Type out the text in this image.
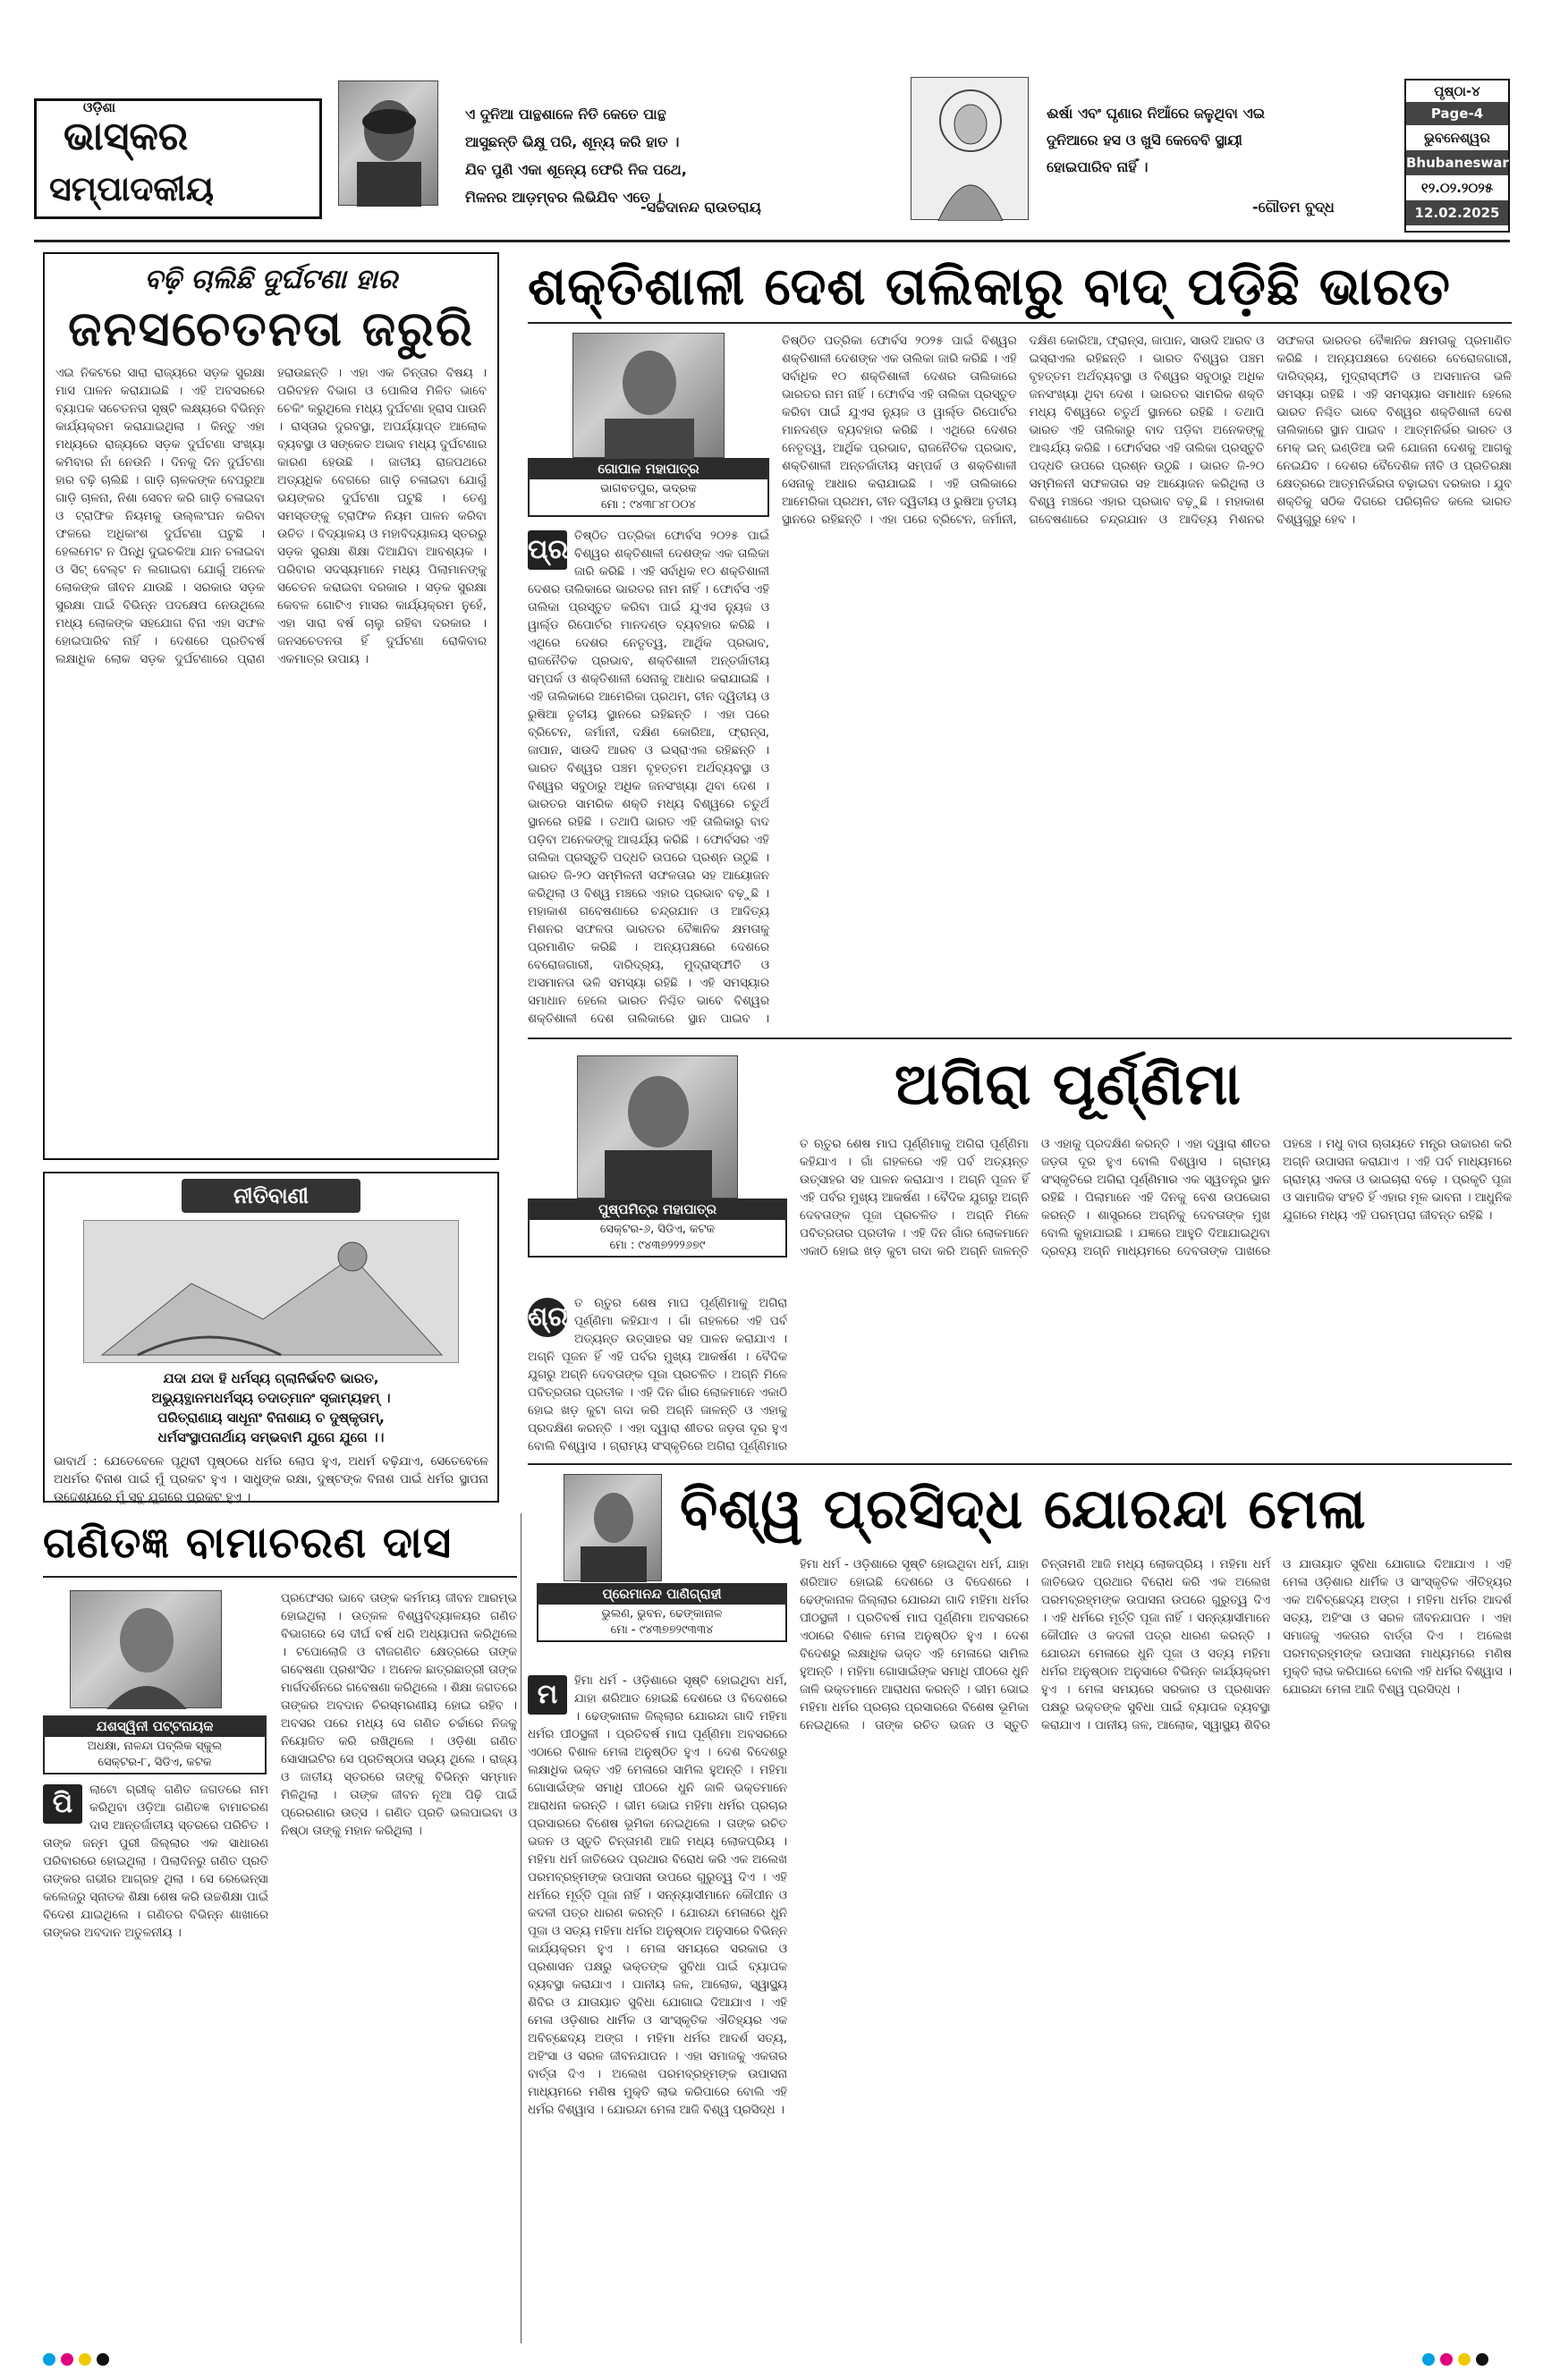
ଓଡ଼ିଶା
ଭାସ୍କର
ସମ୍ପାଦକୀୟ
ଏ ଦୁନିଆ ପାନ୍ଥଶାଳେ ନିତି କେତେ ପାନ୍ଥ
ଆସୁଛନ୍ତି ଭିକ୍ଷୁ ପରି, ଶୂନ୍ୟ କରି ହାତ ।
ଯିବ ପୁଣି ଏକା ଶୂନ୍ୟେ ଫେରି ନିଜ ପଥେ,
ମିଳନର ଆଡ଼ମ୍ବର ଲିଭିଯିବ ଏତେ ।
-ସଚ୍ଚିଦାନନ୍ଦ ରାଉତରାୟ
ଈର୍ଷା ଏବଂ ଘୃଣାର ନିଆଁରେ ଜଳୁଥିବା ଏଇ
ଦୁନିଆରେ ହସ ଓ ଖୁସି କେବେବି ସ୍ଥାୟୀ
ହୋଇପାରିବ ନାହିଁ ।
-ଗୌତମ ବୁଦ୍ଧ
ପୃଷ୍ଠା-୪
Page-4
ଭୁବନେଶ୍ୱର
Bhubaneswar
୧୨.୦୨.୨୦୨୫
12.02.2025
ବଢ଼ି ଚାଲିଛି ଦୁର୍ଘଟଣା ହାର
ଜନସଚେତନତା ଜରୁରି
ଏଇ ନିକଟରେ ସାରା ରାଜ୍ୟରେ ସଡ଼କ ସୁରକ୍ଷା ମାସ ପାଳନ କରାଯାଇଛି । ଏହି ଅବସରରେ ବ୍ୟାପକ ସଚେତନତା ସୃଷ୍ଟି ଲକ୍ଷ୍ୟରେ ବିଭିନ୍ନ କାର୍ଯ୍ୟକ୍ରମ କରାଯାଇଥିଲା । କିନ୍ତୁ ଏହା ମଧ୍ୟରେ ରାଜ୍ୟରେ ସଡ଼କ ଦୁର୍ଘଟଣା ସଂଖ୍ୟା କମିବାର ନାଁ ନେଉନି । ଦିନକୁ ଦିନ ଦୁର୍ଘଟଣା ହାର ବଢ଼ି ଚାଲିଛି । ଗାଡ଼ି ଚାଳକଙ୍କ ବେପରୁଆ ଗାଡ଼ି ଚାଳନା, ନିଶା ସେବନ କରି ଗାଡ଼ି ଚଳାଇବା ଓ ଟ୍ରାଫିକ ନିୟମକୁ ଉଲ୍ଲଂଘନ କରିବା ଫଳରେ ଅଧିକାଂଶ ଦୁର୍ଘଟଣା ଘଟୁଛି । ହେଲମେଟ ନ ପିନ୍ଧି ଦୁଇଚକିଆ ଯାନ ଚଳାଇବା ଓ ସିଟ୍ ବେଲ୍ଟ ନ ଲଗାଇବା ଯୋଗୁଁ ଅନେକ ଲୋକଙ୍କ ଜୀବନ ଯାଉଛି । ସରକାର ସଡ଼କ ସୁରକ୍ଷା ପାଇଁ ବିଭିନ୍ନ ପଦକ୍ଷେପ ନେଉଥିଲେ ମଧ୍ୟ ଲୋକଙ୍କ ସହଯୋଗ ବିନା ଏହା ସଫଳ ହୋଇପାରିବ ନାହିଁ । ଦେଶରେ ପ୍ରତିବର୍ଷ ଲକ୍ଷାଧିକ ଲୋକ ସଡ଼କ ଦୁର୍ଘଟଣାରେ ପ୍ରାଣ ହରାଉଛନ୍ତି । ଏହା ଏକ ଚିନ୍ତାର ବିଷୟ । ପରିବହନ ବିଭାଗ ଓ ପୋଲିସ ମିଳିତ ଭାବେ ଚେକିଂ କରୁଥିଲେ ମଧ୍ୟ ଦୁର୍ଘଟଣା ହ୍ରାସ ପାଉନି । ରାସ୍ତାର ଦୁରବସ୍ଥା, ଅପର୍ଯ୍ୟାପ୍ତ ଆଲୋକ ବ୍ୟବସ୍ଥା ଓ ସଙ୍କେତ ଅଭାବ ମଧ୍ୟ ଦୁର୍ଘଟଣାର କାରଣ ହେଉଛି । ଜାତୀୟ ରାଜପଥରେ ଅତ୍ୟଧିକ ବେଗରେ ଗାଡ଼ି ଚଳାଇବା ଯୋଗୁଁ ଭୟଙ୍କର ଦୁର୍ଘଟଣା ଘଟୁଛି । ତେଣୁ ସମସ୍ତଙ୍କୁ ଟ୍ରାଫିକ ନିୟମ ପାଳନ କରିବା ଉଚିତ । ବିଦ୍ୟାଳୟ ଓ ମହାବିଦ୍ୟାଳୟ ସ୍ତରରୁ ସଡ଼କ ସୁରକ୍ଷା ଶିକ୍ଷା ଦିଆଯିବା ଆବଶ୍ୟକ । ପରିବାର ସଦସ୍ୟମାନେ ମଧ୍ୟ ପିଲାମାନଙ୍କୁ ସଚେତନ କରାଇବା ଦରକାର । ସଡ଼କ ସୁରକ୍ଷା କେବଳ ଗୋଟିଏ ମାସର କାର୍ଯ୍ୟକ୍ରମ ନୁହେଁ, ଏହା ସାରା ବର୍ଷ ଚାଲୁ ରହିବା ଦରକାର । ଜନସଚେତନତା ହିଁ ଦୁର୍ଘଟଣା ରୋକିବାର ଏକମାତ୍ର ଉପାୟ ।
ନୀତିବାଣୀ
ଯଦା ଯଦା ହି ଧର୍ମସ୍ୟ ଗ୍ଲାନିର୍ଭବତି ଭାରତ,
ଅଭ୍ୟୁତ୍ଥାନମଧର୍ମସ୍ୟ ତଦାତ୍ମାନଂ ସୃଜାମ୍ୟହମ୍ ।
ପରିତ୍ରାଣାୟ ସାଧୂନାଂ ବିନାଶାୟ ଚ ଦୁଷ୍କୃତାମ୍,
ଧର୍ମସଂସ୍ଥାପନାର୍ଥାୟ ସମ୍ଭବାମି ଯୁଗେ ଯୁଗେ ।।
ଭାବାର୍ଥ : ଯେତେବେଳେ ପୃଥିବୀ ପୃଷ୍ଠରେ ଧର୍ମର ଲୋପ ହୁଏ, ଅଧର୍ମ ବଢ଼ିଯାଏ, ସେତେବେଳେ ଅଧର୍ମର ବିନାଶ ପାଇଁ ମୁଁ ପ୍ରକଟ ହୁଏ । ସାଧୁଙ୍କ ରକ୍ଷା, ଦୁଷ୍ଟଙ୍କ ବିନାଶ ପାଇଁ ଧର୍ମର ସ୍ଥାପନା ଉଦ୍ଦେଶ୍ୟରେ ମୁଁ ସବୁ ଯୁଗରେ ପ୍ରକଟ ହୁଏ ।
ଶକ୍ତିଶାଳୀ ଦେଶ ତାଲିକାରୁ ବାଦ୍ ପଡ଼ିଛି ଭାରତ
ଗୋପାଳ ମହାପାତ୍ର
ଭାଗବତପୁର, ଭଦ୍ରକ
ମୋ : ୯୪୩୮୪୮୦୦୪
ପ୍ର ତିଷ୍ଠିତ ପତ୍ରିକା ଫୋର୍ବସ ୨୦୨୫ ପାଇଁ ବିଶ୍ୱର ଶକ୍ତିଶାଳୀ ଦେଶଙ୍କ ଏକ ତାଲିକା ଜାରି କରିଛି । ଏହି ସର୍ବାଧିକ ୧୦ ଶକ୍ତିଶାଳୀ ଦେଶର ତାଲିକାରେ ଭାରତର ନାମ ନାହିଁ । ଫୋର୍ବସ ଏହି ତାଲିକା ପ୍ରସ୍ତୁତ କରିବା ପାଇଁ ଯୁଏସ ନ୍ୟୁଜ ଓ ୱାର୍ଲ୍ଡ ରିପୋର୍ଟର ମାନଦଣ୍ଡ ବ୍ୟବହାର କରିଛି । ଏଥିରେ ଦେଶର ନେତୃତ୍ୱ, ଆର୍ଥିକ ପ୍ରଭାବ, ରାଜନୈତିକ ପ୍ରଭାବ, ଶକ୍ତିଶାଳୀ ଅନ୍ତର୍ଜାତୀୟ ସମ୍ପର୍କ ଓ ଶକ୍ତିଶାଳୀ ସେନାକୁ ଆଧାର କରାଯାଇଛି । ଏହି ତାଲିକାରେ ଆମେରିକା ପ୍ରଥମ, ଚୀନ ଦ୍ୱିତୀୟ ଓ ରୁଷିଆ ତୃତୀୟ ସ୍ଥାନରେ ରହିଛନ୍ତି । ଏହା ପରେ ବ୍ରିଟେନ, ଜର୍ମାନୀ, ଦକ୍ଷିଣ କୋରିଆ, ଫ୍ରାନ୍ସ, ଜାପାନ, ସାଉଦି ଆରବ ଓ ଇସ୍ରାଏଲ ରହିଛନ୍ତି । ଭାରତ ବିଶ୍ୱର ପଞ୍ଚମ ବୃହତ୍ତମ ଅର୍ଥବ୍ୟବସ୍ଥା ଓ ବିଶ୍ୱର ସବୁଠାରୁ ଅଧିକ ଜନସଂଖ୍ୟା ଥିବା ଦେଶ । ଭାରତର ସାମରିକ ଶକ୍ତି ମଧ୍ୟ ବିଶ୍ୱରେ ଚତୁର୍ଥ ସ୍ଥାନରେ ରହିଛି । ତଥାପି ଭାରତ ଏହି ତାଲିକାରୁ ବାଦ ପଡ଼ିବା ଅନେକଙ୍କୁ ଆଶ୍ଚର୍ଯ୍ୟ କରିଛି । ଫୋର୍ବସର ଏହି ତାଲିକା ପ୍ରସ୍ତୁତି ପଦ୍ଧତି ଉପରେ ପ୍ରଶ୍ନ ଉଠୁଛି । ଭାରତ ଜି-୨୦ ସମ୍ମିଳନୀ ସଫଳତାର ସହ ଆୟୋଜନ କରିଥିଲା ଓ ବିଶ୍ୱ ମଞ୍ଚରେ ଏହାର ପ୍ରଭାବ ବଢ଼ୁଛି । ମହାକାଶ ଗବେଷଣାରେ ଚନ୍ଦ୍ରଯାନ ଓ ଆଦିତ୍ୟ ମିଶନର ସଫଳତା ଭାରତର ବୈଜ୍ଞାନିକ କ୍ଷମତାକୁ ପ୍ରମାଣିତ କରିଛି । ଅନ୍ୟପକ୍ଷରେ ଦେଶରେ ବେରୋଜଗାରୀ, ଦାରିଦ୍ର୍ୟ, ମୁଦ୍ରାସ୍ଫୀତି ଓ ଅସମାନତା ଭଳି ସମସ୍ୟା ରହିଛି । ଏହି ସମସ୍ୟାର ସମାଧାନ ହେଲେ ଭାରତ ନିଶ୍ଚିତ ଭାବେ ବିଶ୍ୱର ଶକ୍ତିଶାଳୀ ଦେଶ ତାଲିକାରେ ସ୍ଥାନ ପାଇବ ।
ତିଷ୍ଠିତ ପତ୍ରିକା ଫୋର୍ବସ ୨୦୨୫ ପାଇଁ ବିଶ୍ୱର ଶକ୍ତିଶାଳୀ ଦେଶଙ୍କ ଏକ ତାଲିକା ଜାରି କରିଛି । ଏହି ସର୍ବାଧିକ ୧୦ ଶକ୍ତିଶାଳୀ ଦେଶର ତାଲିକାରେ ଭାରତର ନାମ ନାହିଁ । ଫୋର୍ବସ ଏହି ତାଲିକା ପ୍ରସ୍ତୁତ କରିବା ପାଇଁ ଯୁଏସ ନ୍ୟୁଜ ଓ ୱାର୍ଲ୍ଡ ରିପୋର୍ଟର ମାନଦଣ୍ଡ ବ୍ୟବହାର କରିଛି । ଏଥିରେ ଦେଶର ନେତୃତ୍ୱ, ଆର୍ଥିକ ପ୍ରଭାବ, ରାଜନୈତିକ ପ୍ରଭାବ, ଶକ୍ତିଶାଳୀ ଅନ୍ତର୍ଜାତୀୟ ସମ୍ପର୍କ ଓ ଶକ୍ତିଶାଳୀ ସେନାକୁ ଆଧାର କରାଯାଇଛି । ଏହି ତାଲିକାରେ ଆମେରିକା ପ୍ରଥମ, ଚୀନ ଦ୍ୱିତୀୟ ଓ ରୁଷିଆ ତୃତୀୟ ସ୍ଥାନରେ ରହିଛନ୍ତି । ଏହା ପରେ ବ୍ରିଟେନ, ଜର୍ମାନୀ, ଦକ୍ଷିଣ କୋରିଆ, ଫ୍ରାନ୍ସ, ଜାପାନ, ସାଉଦି ଆରବ ଓ ଇସ୍ରାଏଲ ରହିଛନ୍ତି । ଭାରତ ବିଶ୍ୱର ପଞ୍ଚମ ବୃହତ୍ତମ ଅର୍ଥବ୍ୟବସ୍ଥା ଓ ବିଶ୍ୱର ସବୁଠାରୁ ଅଧିକ ଜନସଂଖ୍ୟା ଥିବା ଦେଶ । ଭାରତର ସାମରିକ ଶକ୍ତି ମଧ୍ୟ ବିଶ୍ୱରେ ଚତୁର୍ଥ ସ୍ଥାନରେ ରହିଛି । ତଥାପି ଭାରତ ଏହି ତାଲିକାରୁ ବାଦ ପଡ଼ିବା ଅନେକଙ୍କୁ ଆଶ୍ଚର୍ଯ୍ୟ କରିଛି । ଫୋର୍ବସର ଏହି ତାଲିକା ପ୍ରସ୍ତୁତି ପଦ୍ଧତି ଉପରେ ପ୍ରଶ୍ନ ଉଠୁଛି । ଭାରତ ଜି-୨୦ ସମ୍ମିଳନୀ ସଫଳତାର ସହ ଆୟୋଜନ କରିଥିଲା ଓ ବିଶ୍ୱ ମଞ୍ଚରେ ଏହାର ପ୍ରଭାବ ବଢ଼ୁଛି । ମହାକାଶ ଗବେଷଣାରେ ଚନ୍ଦ୍ରଯାନ ଓ ଆଦିତ୍ୟ ମିଶନର ସଫଳତା ଭାରତର ବୈଜ୍ଞାନିକ କ୍ଷମତାକୁ ପ୍ରମାଣିତ କରିଛି । ଅନ୍ୟପକ୍ଷରେ ଦେଶରେ ବେରୋଜଗାରୀ, ଦାରିଦ୍ର୍ୟ, ମୁଦ୍ରାସ୍ଫୀତି ଓ ଅସମାନତା ଭଳି ସମସ୍ୟା ରହିଛି । ଏହି ସମସ୍ୟାର ସମାଧାନ ହେଲେ ଭାରତ ନିଶ୍ଚିତ ଭାବେ ବିଶ୍ୱର ଶକ୍ତିଶାଳୀ ଦେଶ ତାଲିକାରେ ସ୍ଥାନ ପାଇବ । ଆତ୍ମନିର୍ଭର ଭାରତ ଓ ମେକ୍ ଇନ୍ ଇଣ୍ଡିଆ ଭଳି ଯୋଜନା ଦେଶକୁ ଆଗକୁ ନେଇଯିବ । ଦେଶର ବୈଦେଶିକ ନୀତି ଓ ପ୍ରତିରକ୍ଷା କ୍ଷେତ୍ରରେ ଆତ୍ମନିର୍ଭରତା ବଢ଼ାଇବା ଦରକାର । ଯୁବ ଶକ୍ତିକୁ ସଠିକ ଦିଗରେ ପରିଚାଳିତ କଲେ ଭାରତ ବିଶ୍ୱଗୁରୁ ହେବ ।
ଅଗିରା ପୂର୍ଣ୍ଣିମା
ପୁଷ୍ପମିତ୍ର ମହାପାତ୍ର
ସେକ୍ଟର-୬, ସିଡିଏ, କଟକ
ମୋ : ୯୪୩୭୨୨୨୬୭୯
ଶ୍ରୀ ତ ଋତୁର ଶେଷ ମାଘ ପୂର୍ଣ୍ଣିମାକୁ ଅଗିରା ପୂର୍ଣ୍ଣିମା କହିଯାଏ । ଗାଁ ଗହଳରେ ଏହି ପର୍ବ ଅତ୍ୟନ୍ତ ଉତ୍ସାହର ସହ ପାଳନ କରାଯାଏ । ଅଗ୍ନି ପୂଜନ ହିଁ ଏହି ପର୍ବର ମୁଖ୍ୟ ଆକର୍ଷଣ । ବୈଦିକ ଯୁଗରୁ ଅଗ୍ନି ଦେବତାଙ୍କ ପୂଜା ପ୍ରଚଳିତ । ଅଗ୍ନି ମିଳେ ପବିତ୍ରତାର ପ୍ରତୀକ । ଏହି ଦିନ ଗାଁର ଲୋକମାନେ ଏକାଠି ହୋଇ ଖଡ଼ କୁଟା ଗଦା କରି ଅଗ୍ନି ଜାଳନ୍ତି ଓ ଏହାକୁ ପ୍ରଦକ୍ଷିଣ କରନ୍ତି । ଏହା ଦ୍ୱାରା ଶୀତର ଜଡ଼ତା ଦୂର ହୁଏ ବୋଲି ବିଶ୍ୱାସ । ଗ୍ରାମ୍ୟ ସଂସ୍କୃତିରେ ଅଗିରା ପୂର୍ଣ୍ଣିମାର
ତ ଋତୁର ଶେଷ ମାଘ ପୂର୍ଣ୍ଣିମାକୁ ଅଗିରା ପୂର୍ଣ୍ଣିମା କହିଯାଏ । ଗାଁ ଗହଳରେ ଏହି ପର୍ବ ଅତ୍ୟନ୍ତ ଉତ୍ସାହର ସହ ପାଳନ କରାଯାଏ । ଅଗ୍ନି ପୂଜନ ହିଁ ଏହି ପର୍ବର ମୁଖ୍ୟ ଆକର୍ଷଣ । ବୈଦିକ ଯୁଗରୁ ଅଗ୍ନି ଦେବତାଙ୍କ ପୂଜା ପ୍ରଚଳିତ । ଅଗ୍ନି ମିଳେ ପବିତ୍ରତାର ପ୍ରତୀକ । ଏହି ଦିନ ଗାଁର ଲୋକମାନେ ଏକାଠି ହୋଇ ଖଡ଼ କୁଟା ଗଦା କରି ଅଗ୍ନି ଜାଳନ୍ତି ଓ ଏହାକୁ ପ୍ରଦକ୍ଷିଣ କରନ୍ତି । ଏହା ଦ୍ୱାରା ଶୀତର ଜଡ଼ତା ଦୂର ହୁଏ ବୋଲି ବିଶ୍ୱାସ । ଗ୍ରାମ୍ୟ ସଂସ୍କୃତିରେ ଅଗିରା ପୂର୍ଣ୍ଣିମାର ଏକ ସ୍ୱତନ୍ତ୍ର ସ୍ଥାନ ରହିଛି । ପିଲାମାନେ ଏହି ଦିନକୁ ବେଶ ଉପଭୋଗ କରନ୍ତି । ଶାସ୍ତ୍ରରେ ଅଗ୍ନିକୁ ଦେବତାଙ୍କ ମୁଖ ବୋଲି କୁହାଯାଇଛି । ଯଜ୍ଞରେ ଆହୁତି ଦିଆଯାଇଥିବା ଦ୍ରବ୍ୟ ଅଗ୍ନି ମାଧ୍ୟମରେ ଦେବତାଙ୍କ ପାଖରେ ପହଞ୍ଚେ । ମଧୁ ବାତା ଋତାୟତେ ମନ୍ତ୍ର ଉଚ୍ଚାରଣ କରି ଅଗ୍ନି ଉପାସନା କରାଯାଏ । ଏହି ପର୍ବ ମାଧ୍ୟମରେ ଗ୍ରାମ୍ୟ ଏକତା ଓ ଭାଇଚାରା ବଢ଼େ । ପ୍ରକୃତି ପୂଜା ଓ ସାମାଜିକ ସଂହତି ହିଁ ଏହାର ମୂଳ ଭାବନା । ଆଧୁନିକ ଯୁଗରେ ମଧ୍ୟ ଏହି ପରମ୍ପରା ଜୀବନ୍ତ ରହିଛି ।
ବିଶ୍ୱ ପ୍ରସିଦ୍ଧ ଯୋରନ୍ଦା ମେଳା
ପ୍ରେମାନନ୍ଦ ପାଣିଗ୍ରାହୀ
ଭୁଲଣ, ଭୁବନ, ଢେଙ୍କାନାଳ
ମୋ - ୯୪୩୭୭୨୯୩୩୪
ମ	ହିମା ଧର୍ମ - ଓଡ଼ିଶାରେ ସୃଷ୍ଟି ହୋଇଥିବା ଧର୍ମ, ଯାହା ଶରିଆତ ହୋଇଛି ଦେଶରେ ଓ ବିଦେଶରେ । ଢେଙ୍କାନାଳ ଜିଲ୍ଲାର ଯୋରନ୍ଦା ଗାଦି ମହିମା ଧର୍ମର ପୀଠସ୍ଥଳୀ । ପ୍ରତିବର୍ଷ ମାଘ ପୂର୍ଣ୍ଣିମା ଅବସରରେ ଏଠାରେ ବିଶାଳ ମେଳା ଅନୁଷ୍ଠିତ ହୁଏ । ଦେଶ ବିଦେଶରୁ ଲକ୍ଷାଧିକ ଭକ୍ତ ଏହି ମେଳାରେ ସାମିଲ ହୁଅନ୍ତି । ମହିମା ଗୋସାଇଁଙ୍କ ସମାଧି ପୀଠରେ ଧୁନି ଜାଳି ଭକ୍ତମାନେ ଆରାଧନା କରନ୍ତି । ଭୀମ ଭୋଇ ମହିମା ଧର୍ମର ପ୍ରଚାର ପ୍ରସାରରେ ବିଶେଷ ଭୂମିକା ନେଇଥିଲେ । ତାଙ୍କ ରଚିତ ଭଜନ ଓ ସ୍ତୁତି ଚିନ୍ତାମଣି ଆଜି ମଧ୍ୟ ଲୋକପ୍ରିୟ । ମହିମା ଧର୍ମ ଜାତିଭେଦ ପ୍ରଥାର ବିରୋଧ କରି ଏକ ଅଲେଖ ପରମବ୍ରହ୍ମଙ୍କ ଉପାସନା ଉପରେ ଗୁରୁତ୍ୱ ଦିଏ । ଏହି ଧର୍ମରେ ମୂର୍ତ୍ତି ପୂଜା ନାହିଁ । ସନ୍ନ୍ୟାସୀମାନେ କୌପୀନ ଓ କଦଳୀ ପତ୍ର ଧାରଣ କରନ୍ତି । ଯୋରନ୍ଦା ମେଳାରେ ଧୁନି ପୂଜା ଓ ସତ୍ୟ ମହିମା ଧର୍ମର ଅନୁଷ୍ଠାନ ଅନୁସାରେ ବିଭିନ୍ନ କାର୍ଯ୍ୟକ୍ରମ ହୁଏ । ମେଳା ସମୟରେ ସରକାର ଓ ପ୍ରଶାସନ ପକ୍ଷରୁ ଭକ୍ତଙ୍କ ସୁବିଧା ପାଇଁ ବ୍ୟାପକ ବ୍ୟବସ୍ଥା କରାଯାଏ । ପାନୀୟ ଜଳ, ଆଲୋକ, ସ୍ୱାସ୍ଥ୍ୟ ଶିବିର ଓ ଯାତାୟାତ ସୁବିଧା ଯୋଗାଇ ଦିଆଯାଏ । ଏହି ମେଳା ଓଡ଼ିଶାର ଧାର୍ମିକ ଓ ସାଂସ୍କୃତିକ ଐତିହ୍ୟର ଏକ ଅବିଚ୍ଛେଦ୍ୟ ଅଙ୍ଗ । ମହିମା ଧର୍ମର ଆଦର୍ଶ ସତ୍ୟ, ଅହିଂସା ଓ ସରଳ ଜୀବନଯାପନ । ଏହା ସମାଜକୁ ଏକତାର ବାର୍ତ୍ତା ଦିଏ । ଅଲେଖ ପରମବ୍ରହ୍ମଙ୍କ ଉପାସନା ମାଧ୍ୟମରେ ମଣିଷ ମୁକ୍ତି ଲାଭ କରିପାରେ ବୋଲି ଏହି ଧର୍ମର ବିଶ୍ୱାସ । ଯୋରନ୍ଦା ମେଳା ଆଜି ବିଶ୍ୱ ପ୍ରସିଦ୍ଧ ।
ହିମା ଧର୍ମ - ଓଡ଼ିଶାରେ ସୃଷ୍ଟି ହୋଇଥିବା ଧର୍ମ, ଯାହା ଶରିଆତ ହୋଇଛି ଦେଶରେ ଓ ବିଦେଶରେ । ଢେଙ୍କାନାଳ ଜିଲ୍ଲାର ଯୋରନ୍ଦା ଗାଦି ମହିମା ଧର୍ମର ପୀଠସ୍ଥଳୀ । ପ୍ରତିବର୍ଷ ମାଘ ପୂର୍ଣ୍ଣିମା ଅବସରରେ ଏଠାରେ ବିଶାଳ ମେଳା ଅନୁଷ୍ଠିତ ହୁଏ । ଦେଶ ବିଦେଶରୁ ଲକ୍ଷାଧିକ ଭକ୍ତ ଏହି ମେଳାରେ ସାମିଲ ହୁଅନ୍ତି । ମହିମା ଗୋସାଇଁଙ୍କ ସମାଧି ପୀଠରେ ଧୁନି ଜାଳି ଭକ୍ତମାନେ ଆରାଧନା କରନ୍ତି । ଭୀମ ଭୋଇ ମହିମା ଧର୍ମର ପ୍ରଚାର ପ୍ରସାରରେ ବିଶେଷ ଭୂମିକା ନେଇଥିଲେ । ତାଙ୍କ ରଚିତ ଭଜନ ଓ ସ୍ତୁତି ଚିନ୍ତାମଣି ଆଜି ମଧ୍ୟ ଲୋକପ୍ରିୟ । ମହିମା ଧର୍ମ ଜାତିଭେଦ ପ୍ରଥାର ବିରୋଧ କରି ଏକ ଅଲେଖ ପରମବ୍ରହ୍ମଙ୍କ ଉପାସନା ଉପରେ ଗୁରୁତ୍ୱ ଦିଏ । ଏହି ଧର୍ମରେ ମୂର୍ତ୍ତି ପୂଜା ନାହିଁ । ସନ୍ନ୍ୟାସୀମାନେ କୌପୀନ ଓ କଦଳୀ ପତ୍ର ଧାରଣ କରନ୍ତି । ଯୋରନ୍ଦା ମେଳାରେ ଧୁନି ପୂଜା ଓ ସତ୍ୟ ମହିମା ଧର୍ମର ଅନୁଷ୍ଠାନ ଅନୁସାରେ ବିଭିନ୍ନ କାର୍ଯ୍ୟକ୍ରମ ହୁଏ । ମେଳା ସମୟରେ ସରକାର ଓ ପ୍ରଶାସନ ପକ୍ଷରୁ ଭକ୍ତଙ୍କ ସୁବିଧା ପାଇଁ ବ୍ୟାପକ ବ୍ୟବସ୍ଥା କରାଯାଏ । ପାନୀୟ ଜଳ, ଆଲୋକ, ସ୍ୱାସ୍ଥ୍ୟ ଶିବିର ଓ ଯାତାୟାତ ସୁବିଧା ଯୋଗାଇ ଦିଆଯାଏ । ଏହି ମେଳା ଓଡ଼ିଶାର ଧାର୍ମିକ ଓ ସାଂସ୍କୃତିକ ଐତିହ୍ୟର ଏକ ଅବିଚ୍ଛେଦ୍ୟ ଅଙ୍ଗ । ମହିମା ଧର୍ମର ଆଦର୍ଶ ସତ୍ୟ, ଅହିଂସା ଓ ସରଳ ଜୀବନଯାପନ । ଏହା ସମାଜକୁ ଏକତାର ବାର୍ତ୍ତା ଦିଏ । ଅଲେଖ ପରମବ୍ରହ୍ମଙ୍କ ଉପାସନା ମାଧ୍ୟମରେ ମଣିଷ ମୁକ୍ତି ଲାଭ କରିପାରେ ବୋଲି ଏହି ଧର୍ମର ବିଶ୍ୱାସ । ଯୋରନ୍ଦା ମେଳା ଆଜି ବିଶ୍ୱ ପ୍ରସିଦ୍ଧ ।
ଗଣିତଜ୍ଞ ବାମାଚରଣ ଦାସ
ଯଶସ୍ୱିନୀ ପଟ୍ଟନାୟକ
ଅଧକ୍ଷା, ନାଳନ୍ଦା ପବ୍ଲିକ ସ୍କୁଲ
ସେକ୍ଟର-୮, ସିଡିଏ, କଟକ
ପି	ଲାଟୋ ଗ୍ରୀକ୍ ଗଣିତ ଜଗତରେ ନାମ କରିଥିବା ଓଡ଼ିଆ ଗଣିତଜ୍ଞ ବାମାଚରଣ ଦାସ ଆନ୍ତର୍ଜାତୀୟ ସ୍ତରରେ ପରିଚିତ । ତାଙ୍କ ଜନ୍ମ ପୁରୀ ଜିଲ୍ଲାର ଏକ ସାଧାରଣ ପରିବାରରେ ହୋଇଥିଲା । ପିଲାଦିନରୁ ଗଣିତ ପ୍ରତି ତାଙ୍କର ଗଭୀର ଆଗ୍ରହ ଥିଲା । ସେ ରେଭେନ୍ସା କଲେଜରୁ ସ୍ନାତକ ଶିକ୍ଷା ଶେଷ କରି ଉଚ୍ଚଶିକ୍ଷା ପାଇଁ ବିଦେଶ ଯାଇଥିଲେ । ଗଣିତର ବିଭିନ୍ନ ଶାଖାରେ ତାଙ୍କର ଅବଦାନ ଅତୁଳନୀୟ ।
ପ୍ରଫେସର ଭାବେ ତାଙ୍କ କର୍ମମୟ ଜୀବନ ଆରମ୍ଭ ହୋଇଥିଲା । ଉତ୍କଳ ବିଶ୍ୱବିଦ୍ୟାଳୟର ଗଣିତ ବିଭାଗରେ ସେ ଦୀର୍ଘ ବର୍ଷ ଧରି ଅଧ୍ୟାପନା କରିଥିଲେ । ଟପୋଲୋଜି ଓ ବୀଜଗଣିତ କ୍ଷେତ୍ରରେ ତାଙ୍କ ଗବେଷଣା ପ୍ରଶଂସିତ । ଅନେକ ଛାତ୍ରଛାତ୍ରୀ ତାଙ୍କ ମାର୍ଗଦର୍ଶନରେ ଗବେଷଣା କରିଥିଲେ । ଶିକ୍ଷା ଜଗତରେ ତାଙ୍କର ଅବଦାନ ଚିରସ୍ମରଣୀୟ ହୋଇ ରହିବ । ଅବସର ପରେ ମଧ୍ୟ ସେ ଗଣିତ ଚର୍ଚ୍ଚାରେ ନିଜକୁ ନିୟୋଜିତ କରି ରଖିଥିଲେ । ଓଡ଼ିଶା ଗଣିତ ସୋସାଇଟିର ସେ ପ୍ରତିଷ୍ଠାତା ସଭ୍ୟ ଥିଲେ । ରାଜ୍ୟ ଓ ଜାତୀୟ ସ୍ତରରେ ତାଙ୍କୁ ବିଭିନ୍ନ ସମ୍ମାନ ମିଳିଥିଲା । ତାଙ୍କ ଜୀବନ ନୂଆ ପିଢ଼ି ପାଇଁ ପ୍ରେରଣାର ଉତ୍ସ । ଗଣିତ ପ୍ରତି ଭଲପାଇବା ଓ ନିଷ୍ଠା ତାଙ୍କୁ ମହାନ କରିଥିଲା ।
